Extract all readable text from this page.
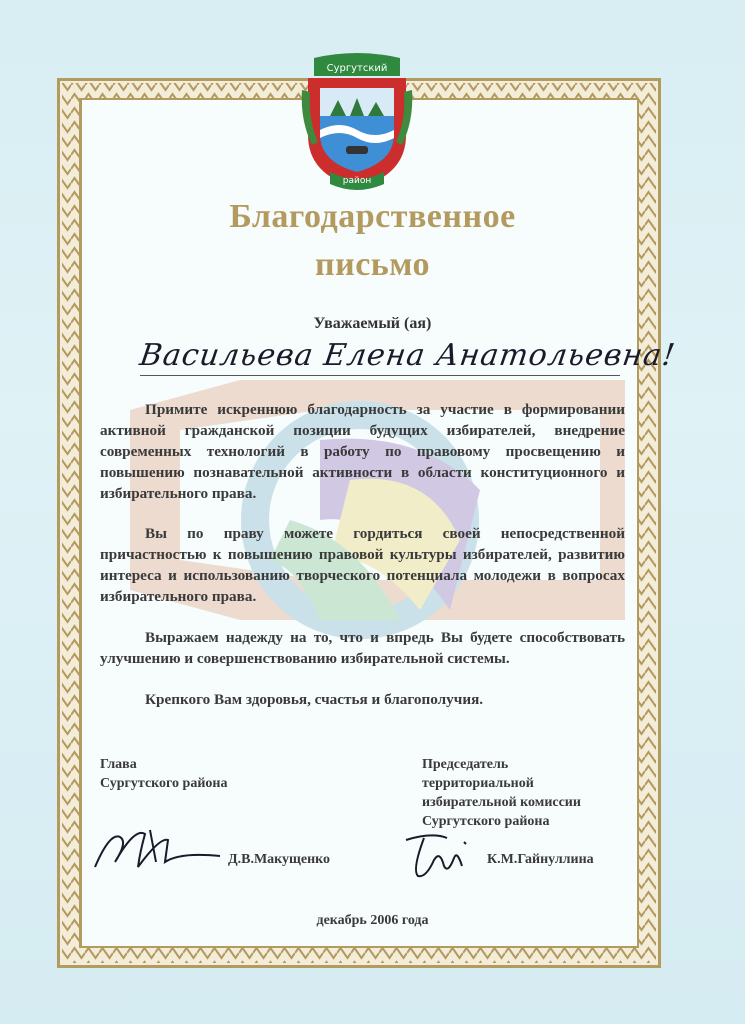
Сургутский
район
Благодарственное
письмо
Уважаемый (ая)
Васильева Елена Анатольевна!

Примите искреннюю благодарность за участие в формировании активной гражданской позиции будущих избирателей, внедрение современных технологий в работу по правовому просвещению и повышению познавательной активности в области конституционного и избирательного права.

Вы по праву можете гордиться своей непосредственной причастностью к повышению правовой культуры избирателей, развитию интереса и использованию творческого потенциала молодежи в вопросах избирательного права.

Выражаем надежду на то, что и впредь Вы будете способствовать улучшению и совершенствованию избирательной системы.

Крепкого Вам здоровья, счастья и благополучия.

Глава
Сургутского района
Председатель
территориальной
избирательной комиссии
Сургутского района
Д.В.Макущенко	К.М.Гайнуллина
декабрь 2006 года
